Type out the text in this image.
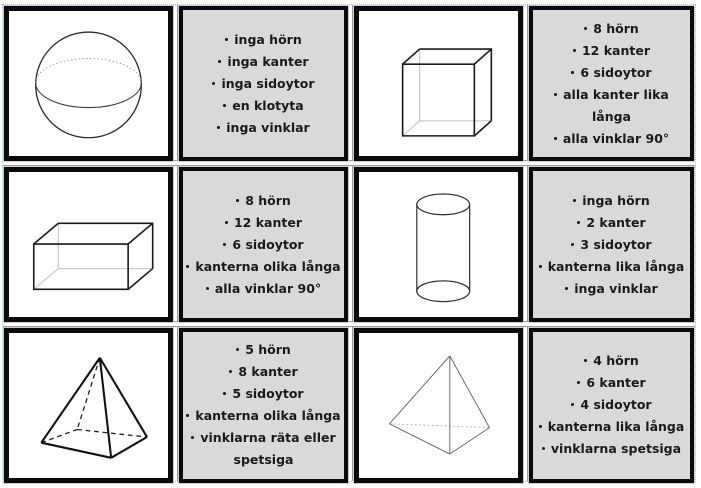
inga hörn
inga kanter
inga sidoytor
en klotyta
inga vinklar
8 hörn
12 kanter
6 sidoytor
alla kanter lika långa
alla vinklar 90°
8 hörn
12 kanter
6 sidoytor
kanterna olika långa
alla vinklar 90°
inga hörn
2 kanter
3 sidoytor
kanterna lika långa
inga vinklar
5 hörn
8 kanter
5 sidoytor
kanterna olika långa
vinklarna räta eller spetsiga
4 hörn
6 kanter
4 sidoytor
kanterna lika långa
vinklarna spetsiga
